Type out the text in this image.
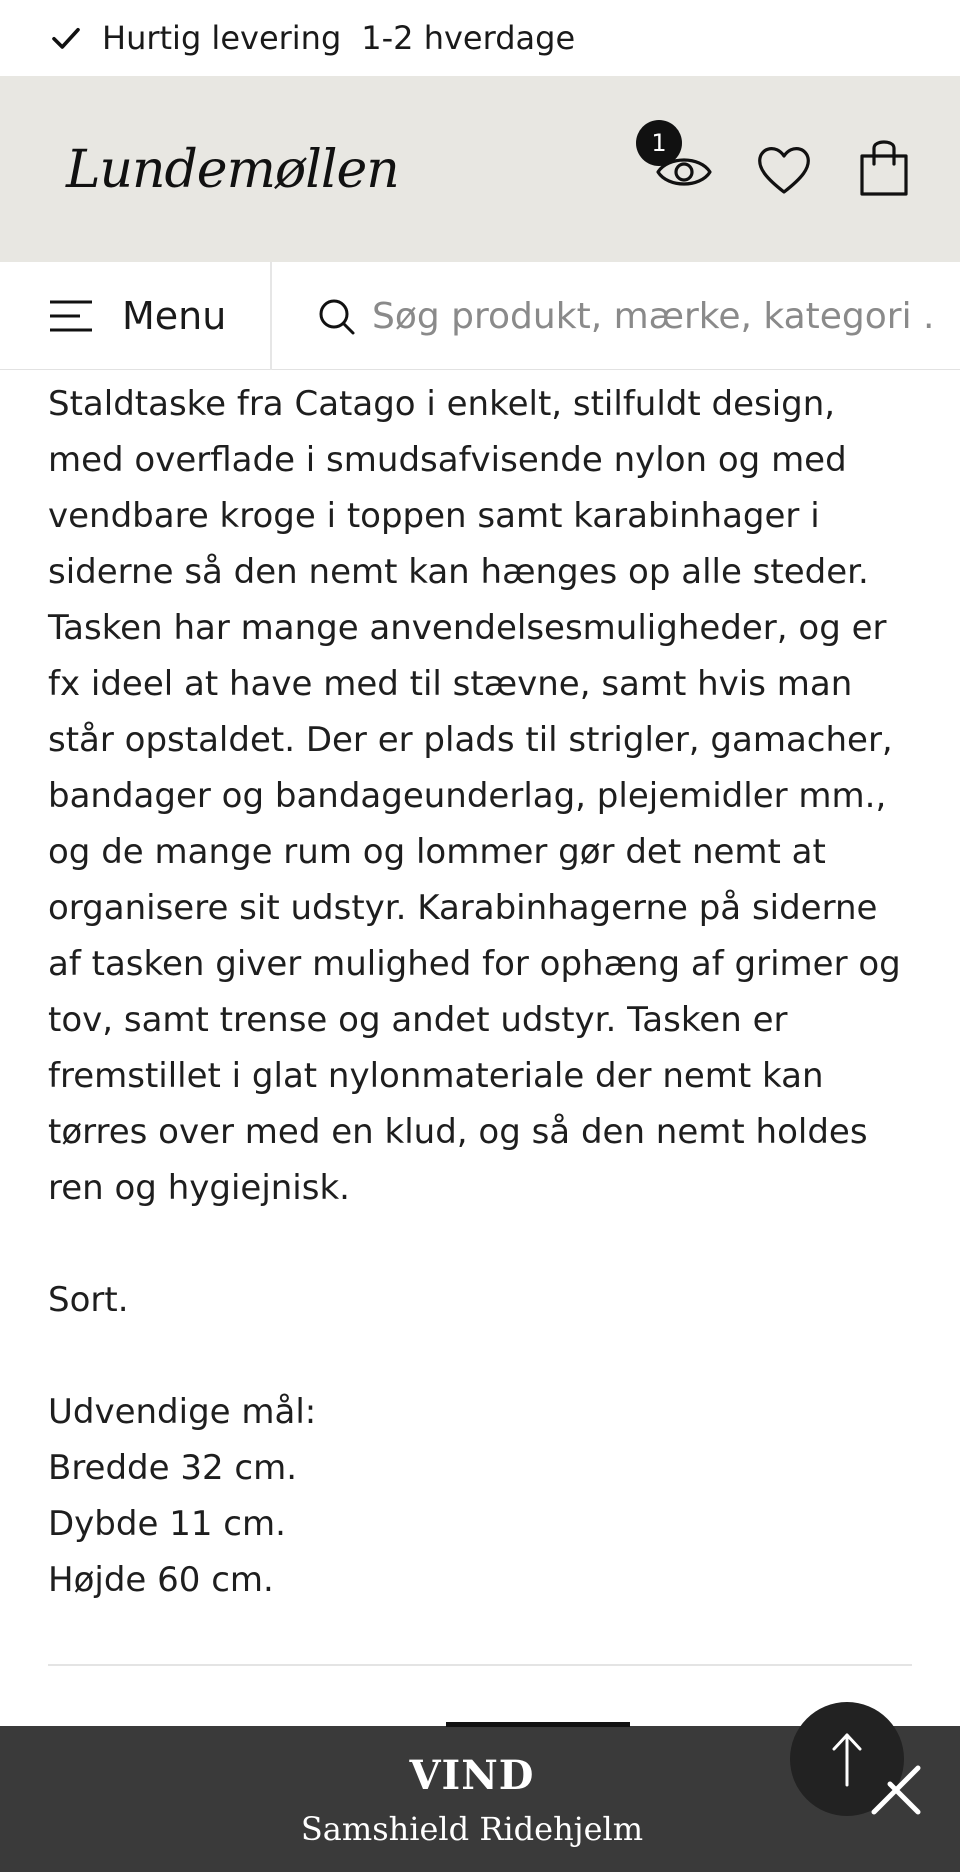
Hurtig levering 1-2 hverdage
Lundemøllen	1
Menu
Søg produkt, mærke, kategori ...

Staldtaske fra Catago i enkelt, stilfuldt design, med overflade i smudsafvisende nylon og med vendbare kroge i toppen samt karabinhager i siderne så den nemt kan hænges op alle steder. Tasken har mange anvendelsesmuligheder, og er fx ideel at have med til stævne, samt hvis man står opstaldet. Der er plads til strigler, gamacher, bandager og bandageunderlag, plejemidler mm., og de mange rum og lommer gør det nemt at organisere sit udstyr. Karabinhagerne på siderne af tasken giver mulighed for ophæng af grimer og tov, samt trense og andet udstyr. Tasken er fremstillet i glat nylonmateriale der nemt kan tørres over med en klud, og så den nemt holdes ren og hygiejnisk.

Sort.

Udvendige mål:

Bredde 32 cm.

Dybde 11 cm.

Højde 60 cm.

VIND
Samshield Ridehjelm
